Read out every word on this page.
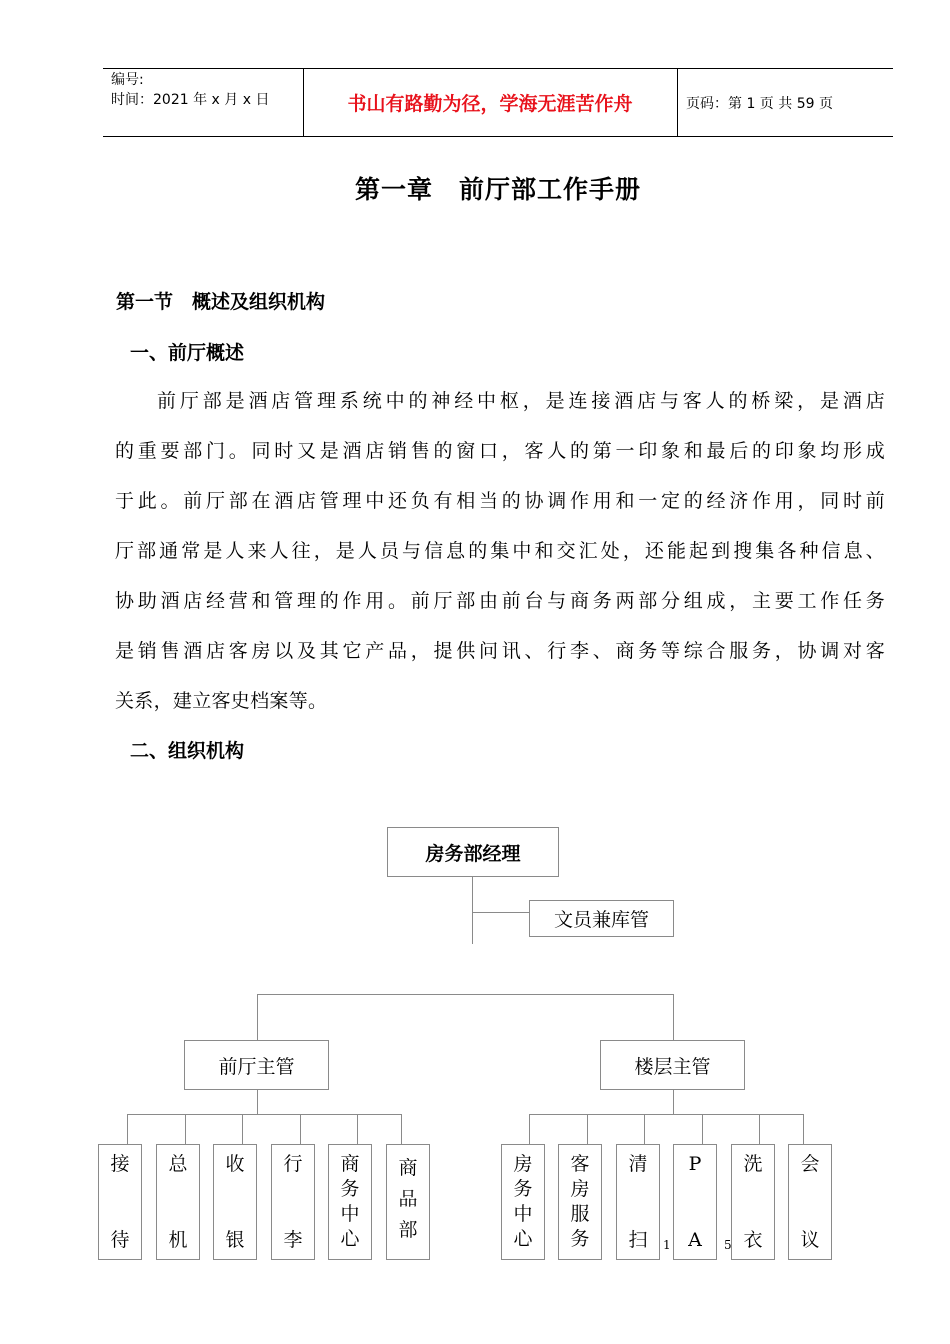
编号:
时间：2021 年 x 月 x 日	书山有路勤为径，学海无涯苦作舟	页码：第 1 页 共 59 页
第一章　前厅部工作手册
第一节　概述及组织机构
一、前厅概述
前厅部是酒店管理系统中的神经中枢，是连接酒店与客人的桥梁，是酒店
的重要部门。同时又是酒店销售的窗口，客人的第一印象和最后的印象均形成
于此。前厅部在酒店管理中还负有相当的协调作用和一定的经济作用，同时前
厅部通常是人来人往，是人员与信息的集中和交汇处，还能起到搜集各种信息、
协助酒店经营和管理的作用。前厅部由前台与商务两部分组成，主要工作任务
是销售酒店客房以及其它产品，提供问讯、行李、商务等综合服务，协调对客
关系，建立客史档案等。
二、组织机构
房务部经理
文员兼库管
前厅主管	楼层主管
接
待
总
机
收
银
行
李
商
务
中
心
商
品
部
房
务
中
心
客
房
服
务
清
扫
P
A
洗
衣
会
议
1	5
